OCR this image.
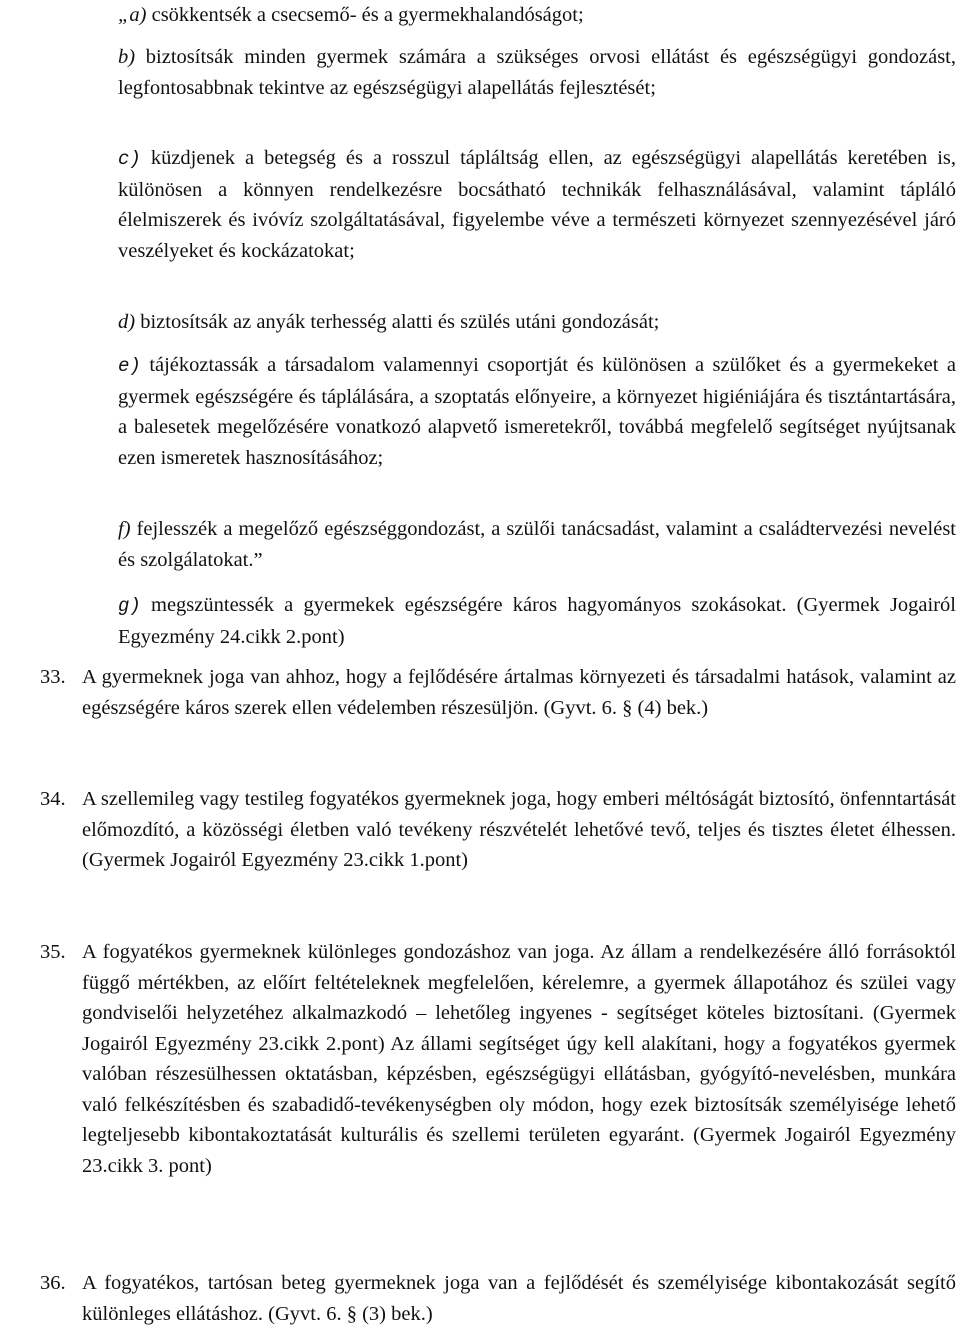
„a) csökkentsék a csecsemő- és a gyermekhalandóságot;

b) biztosítsák minden gyermek számára a szükséges orvosi ellátást és egészségügyi gondozást, legfontosabbnak tekintve az egészségügyi alapellátás fejlesztését;

c) küzdjenek a betegség és a rosszul tápláltság ellen, az egészségügyi alapellátás keretében is, különösen a könnyen rendelkezésre bocsátható technikák felhasználásával, valamint tápláló élelmiszerek és ivóvíz szolgáltatásával, figyelembe véve a természeti környezet szennyezésével járó veszélyeket és kockázatokat;

d) biztosítsák az anyák terhesség alatti és szülés utáni gondozását;

e) tájékoztassák a társadalom valamennyi csoportját és különösen a szülőket és a gyermekeket a gyermek egészségére és táplálására, a szoptatás előnyeire, a környezet higiéniájára és tisztántartására, a balesetek megelőzésére vonatkozó alapvető ismeretekről, továbbá megfelelő segítséget nyújtsanak ezen ismeretek hasznosításához;

f) fejlesszék a megelőző egészséggondozást, a szülői tanácsadást, valamint a családtervezési nevelést és szolgálatokat.”

g) megszüntessék a gyermekek egészségére káros hagyományos szokásokat. (Gyermek Jogairól Egyezmény 24.cikk 2.pont)

33. A gyermeknek joga van ahhoz, hogy a fejlődésére ártalmas környezeti és társadalmi hatások, valamint az egészségére káros szerek ellen védelemben részesüljön. (Gyvt. 6. § (4) bek.)
34. A szellemileg vagy testileg fogyatékos gyermeknek joga, hogy emberi méltóságát biztosító, önfenntartását előmozdító, a közösségi életben való tevékeny részvételét lehetővé tevő, teljes és tisztes életet élhessen. (Gyermek Jogairól Egyezmény 23.cikk 1.pont)
35. A fogyatékos gyermeknek különleges gondozáshoz van joga. Az állam a rendelkezésére álló forrásoktól függő mértékben, az előírt feltételeknek megfelelően, kérelemre, a gyermek állapotához és szülei vagy gondviselői helyzetéhez alkalmazkodó – lehetőleg ingyenes - segítséget köteles biztosítani. (Gyermek Jogairól Egyezmény 23.cikk 2.pont) Az állami segítséget úgy kell alakítani, hogy a fogyatékos gyermek valóban részesülhessen oktatásban, képzésben, egészségügyi ellátásban, gyógyító-nevelésben, munkára való felkészítésben és szabadidő-tevékenységben oly módon, hogy ezek biztosítsák személyisége lehető legteljesebb kibontakoztatását kulturális és szellemi területen egyaránt. (Gyermek Jogairól Egyezmény 23.cikk 3. pont)
36. A fogyatékos, tartósan beteg gyermeknek joga van a fejlődését és személyisége kibontakozását segítő különleges ellátáshoz. (Gyvt. 6. § (3) bek.)
